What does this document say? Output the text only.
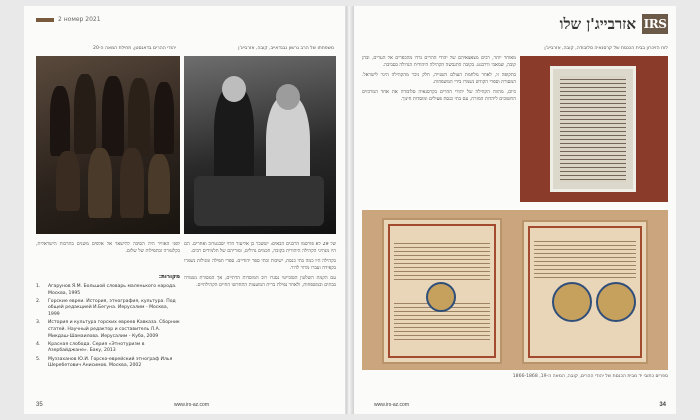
2 номер 2021
יהודי ההרים בדאגסטן, תחילת המאה ה-20	משפחתו של הרב גרשון נבגדאייב, קובה, אזרבייג'ן

של 29 לא פורסמו הרבנים הבאים: יששכר בן אליעזר הלוי יסכנטרוב ואחרים. הם היו מנהיגי הקהילה היהודית בקובה, חכמים גדולים, ומוריהם של תלמידים רבים.

בקהילה היו כמה בתי כנסת, ישיבות ובתי ספר יהודיים. ספרי תפילה ומגילות נשמרו בקפידה ועברו מדור לדור.

עם הקמת השלטון הסובייטי נסגרו רוב המוסדות הדתיים, אך המסורת נשמרה בבתים ובמשפחות, ולאחר נפילת ברית המועצות התחדשו החיים הקהילתיים.

לפני האוויר היה הסיבה להישאר אל אלפים משנים בתרבות הישראלית, בקלטורה ובתפילות של שלום.
מקורות:
1.	Агарунов Я.М. Большой словарь маленького народа. Москва, 1995
2.	Горские евреи. История, этнография, культура. Под общей редакцией И.Бегуна. Иерусалим - Москва, 1999
3.	История и культура горских евреев Кавказа. Сборник статей. Научный редактор и составитель Л.А. Микдаш-Шамаилова. Иерусалим - Куба, 2009
4.	Красная слобода. Серия «Этнотуризм в Азербайджане». Баку, 2013
5.	Муззаханов Ю.И. Горско-еврейский этнограф Илья Шеребетович Анисимов. Москва, 2002
35	www.irs-az.com
אזרבייג'ן שלו IRS
לוח הזיכרון בבית הכנסת של קרסנאיה סלובודה, קובה, אזרבייג'ן

מאוחר יותר, רבים מצאצאיהם של יהודי ההרים נדדו מהכפרים אל הערים, ובהן קובה, שמאכי ודרבנט. בקובה התגבשה הקהילה היהודית הגדולה בסביבה.

בתקופה זו, לאחר מלחמת העולם השנייה, חלק ניכר מהקהילה היגר לישראל. המסורת וספרי הקודש נשמרו בידי המשפחות.

כיום, מהווה הקהילה של יהודי ההרים בקרסנאיה סלובודה את אחד המרכזים החשובים ליהדות המזרח, עם בתי כנסת פעילים ומוסדות חינוך.

ספרים כתובי יד מבית הכנסת של יהודי ההרים, קובה, המאה ה-19, 1866-1868
34
www.irs-az.com
